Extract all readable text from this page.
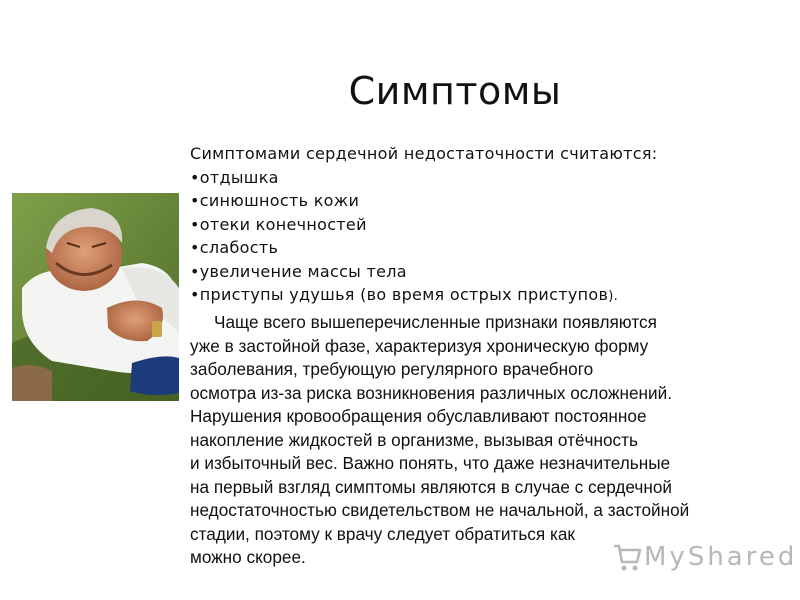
Симптомы
Симптомами сердечной недостаточности считаются:
• отдышка
• синюшность кожи
• отеки конечностей
• слабость
• увеличение массы тела
• приступы удушья (во время острых приступов).
Чаще всего вышеперечисленные признаки появляются
уже в застойной фазе, характеризуя хроническую форму
заболевания, требующую регулярного врачебного
осмотра из-за риска возникновения различных осложнений.
Нарушения кровообращения обуславливают постоянное
накопление жидкостей в организме, вызывая отёчность
и избыточный вес. Важно понять, что даже незначительные
на первый взгляд симптомы являются в случае с сердечной
недостаточностью свидетельством не начальной, а застойной
стадии, поэтому к врачу следует обратиться как
можно скорее.	MyShared
